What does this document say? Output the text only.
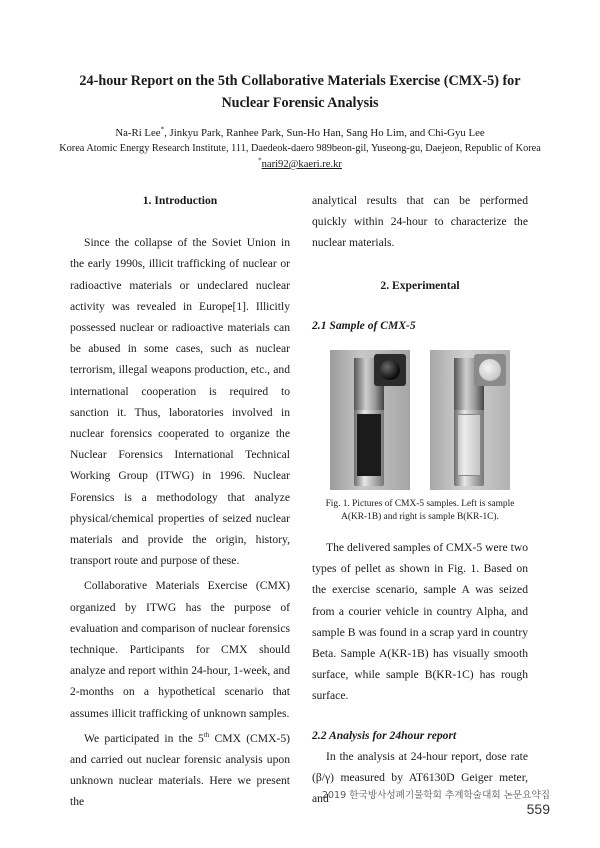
24-hour Report on the 5th Collaborative Materials Exercise (CMX-5) for
Nuclear Forensic Analysis
Na-Ri Lee*, Jinkyu Park, Ranhee Park, Sun-Ho Han, Sang Ho Lim, and Chi-Gyu Lee
Korea Atomic Energy Research Institute, 111, Daedeok-daero 989beon-gil, Yuseong-gu, Daejeon, Republic of Korea
*nari92@kaeri.re.kr
1. Introduction

Since the collapse of the Soviet Union in the early 1990s, illicit trafficking of nuclear or radioactive materials or undeclared nuclear activity was revealed in Europe[1]. Illicitly possessed nuclear or radioactive materials can be abused in some cases, such as nuclear terrorism, illegal weapons production, etc., and international cooperation is required to sanction it. Thus, laboratories involved in nuclear forensics cooperated to organize the Nuclear Forensics International Technical Working Group (ITWG) in 1996. Nuclear Forensics is a methodology that analyze physical/chemical properties of seized nuclear materials and provide the origin, history, transport route and purpose of these.

Collaborative Materials Exercise (CMX) organized by ITWG has the purpose of evaluation and comparison of nuclear forensics technique. Participants for CMX should analyze and report within 24-hour, 1-week, and 2-months on a hypothetical scenario that assumes illicit trafficking of unknown samples.

We participated in the 5th CMX (CMX-5) and carried out nuclear forensic analysis upon unknown nuclear materials. Here we present the

analytical results that can be performed quickly within 24-hour to characterize the nuclear materials.

2. Experimental
2.1 Sample of CMX-5
Fig. 1. Pictures of CMX-5 samples. Left is sample A(KR-1B) and right is sample B(KR-1C).

The delivered samples of CMX-5 were two types of pellet as shown in Fig. 1. Based on the exercise scenario, sample A was seized from a courier vehicle in country Alpha, and sample B was found in a scrap yard in country Beta. Sample A(KR-1B) has visually smooth surface, while sample B(KR-1C) has rough surface.

2.2 Analysis for 24hour report

In the analysis at 24-hour report, dose rate (β/γ) measured by AT6130D Geiger meter, and

2019 한국방사성폐기물학회 추계학술대회 논문요약집559
